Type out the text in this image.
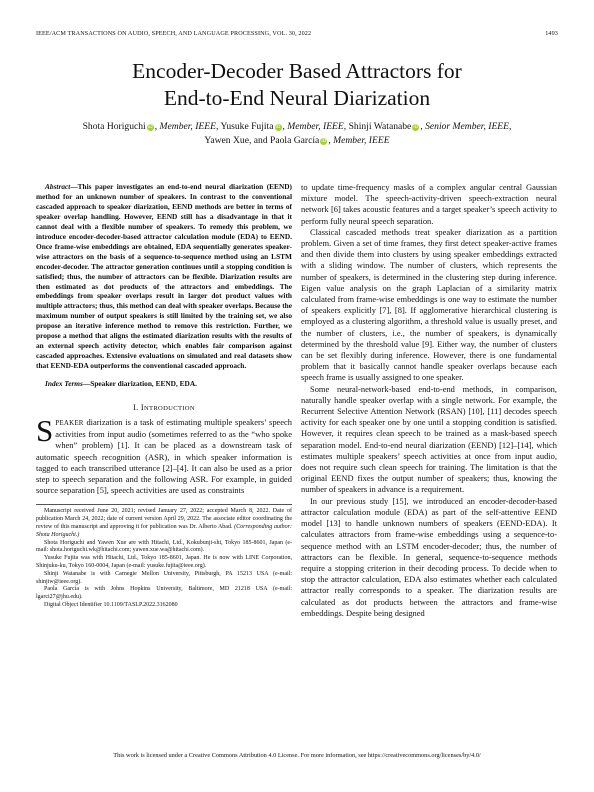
IEEE/ACM TRANSACTIONS ON AUDIO, SPEECH, AND LANGUAGE PROCESSING, VOL. 30, 2022	1493
Encoder-Decoder Based Attractors for
End-to-End Neural Diarization
Shota Horiguchi iD , Member, IEEE, Yusuke Fujita iD , Member, IEEE, Shinji Watanabe iD , Senior Member, IEEE,
Yawen Xue, and Paola García iD , Member, IEEE

Abstract—This paper investigates an end-to-end neural diarization (EEND) method for an unknown number of speakers. In contrast to the conventional cascaded approach to speaker diarization, EEND methods are better in terms of speaker overlap handling. However, EEND still has a disadvantage in that it cannot deal with a flexible number of speakers. To remedy this problem, we introduce encoder-decoder-based attractor calculation module (EDA) to EEND. Once frame-wise embeddings are obtained, EDA sequentially generates speaker-wise attractors on the basis of a sequence-to-sequence method using an LSTM encoder-decoder. The attractor generation continues until a stopping condition is satisfied; thus, the number of attractors can be flexible. Diarization results are then estimated as dot products of the attractors and embeddings. The embeddings from speaker overlaps result in larger dot product values with multiple attractors; thus, this method can deal with speaker overlaps. Because the maximum number of output speakers is still limited by the training set, we also propose an iterative inference method to remove this restriction. Further, we propose a method that aligns the estimated diarization results with the results of an external speech activity detector, which enables fair comparison against cascaded approaches. Extensive evaluations on simulated and real datasets show that EEND-EDA outperforms the conventional cascaded approach.

Index Terms—Speaker diarization, EEND, EDA.

I. INTRODUCTION

SPEAKER diarization is a task of estimating multiple speakers’ speech activities from input audio (sometimes referred to as the “who spoke when” problem) [1]. It can be placed as a downstream task of automatic speech recognition (ASR), in which speaker information is tagged to each transcribed utterance [2]–[4]. It can also be used as a prior step to speech separation and the following ASR. For example, in guided source separation [5], speech activities are used as constraints

Manuscript received June 20, 2021; revised January 27, 2022; accepted March 8, 2022. Date of publication March 24, 2022; date of current version April 29, 2022. The associate editor coordinating the review of this manuscript and approving it for publication was Dr. Alberto Abad. (Corresponding author: Shota Horiguchi.)

Shota Horiguchi and Yawen Xue are with Hitachi, Ltd., Kokubunji-shi, Tokyo 185-8601, Japan (e-mail: shota.horiguchi.wk@hitachi.com; yawen.xue.wa@hitachi.com).

Yusuke Fujita was with Hitachi, Ltd., Tokyo 185-8601, Japan. He is now with LINE Corporation, Shinjuku-ku, Tokyo 160-0004, Japan (e-mail: yusuke.fujita@ieee.org).

Shinji Watanabe is with Carnegie Mellon University, Pittsburgh, PA 15213 USA (e-mail: shinjiw@ieee.org).

Paola García is with Johns Hopkins University, Baltimore, MD 21218 USA (e-mail: lgarci27@jhu.edu).

Digital Object Identifier 10.1109/TASLP.2022.3162080

to update time-frequency masks of a complex angular central Gaussian mixture model. The speech-activity-driven speech-extraction neural network [6] takes acoustic features and a target speaker’s speech activity to perform fully neural speech separation.

Classical cascaded methods treat speaker diarization as a partition problem. Given a set of time frames, they first detect speaker-active frames and then divide them into clusters by using speaker embeddings extracted with a sliding window. The number of clusters, which represents the number of speakers, is determined in the clustering step during inference. Eigen value analysis on the graph Laplacian of a similarity matrix calculated from frame-wise embeddings is one way to estimate the number of speakers explicitly [7], [8]. If agglomerative hierarchical clustering is employed as a clustering algorithm, a threshold value is usually preset, and the number of clusters, i.e., the number of speakers, is dynamically determined by the threshold value [9]. Either way, the number of clusters can be set flexibly during inference. However, there is one fundamental problem that it basically cannot handle speaker overlaps because each speech frame is usually assigned to one speaker.

Some neural-network-based end-to-end methods, in comparison, naturally handle speaker overlap with a single network. For example, the Recurrent Selective Attention Network (RSAN) [10], [11] decodes speech activity for each speaker one by one until a stopping condition is satisfied. However, it requires clean speech to be trained as a mask-based speech separation model. End-to-end neural diarization (EEND) [12]–[14], which estimates multiple speakers’ speech activities at once from input audio, does not require such clean speech for training. The limitation is that the original EEND fixes the output number of speakers; thus, knowing the number of speakers in advance is a requirement.

In our previous study [15], we introduced an encoder-decoder-based attractor calculation module (EDA) as part of the self-attentive EEND model [13] to handle unknown numbers of speakers (EEND-EDA). It calculates attractors from frame-wise embeddings using a sequence-to-sequence method with an LSTM encoder-decoder; thus, the number of attractors can be flexible. In general, sequence-to-sequence methods require a stopping criterion in their decoding process. To decide when to stop the attractor calculation, EDA also estimates whether each calculated attractor really corresponds to a speaker. The diarization results are calculated as dot products between the attractors and frame-wise embeddings. Despite being designed

This work is licensed under a Creative Commons Attribution 4.0 License. For more information, see https://creativecommons.org/licenses/by/4.0/
